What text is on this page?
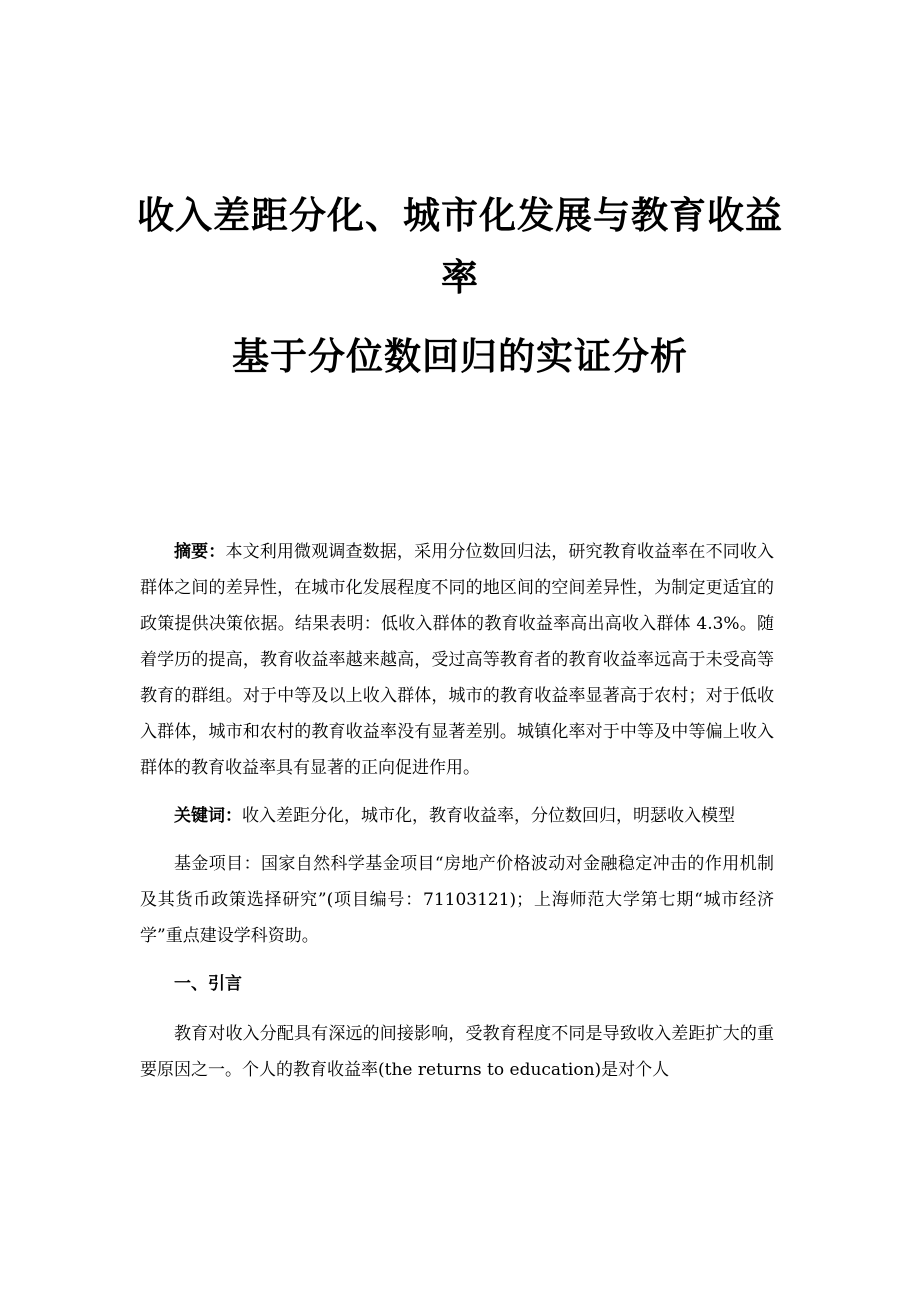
收入差距分化、城市化发展与教育收益

率

基于分位数回归的实证分析

摘要：本文利用微观调查数据，采用分位数回归法，研究教育收益率在不同收入群体之间的差异性，在城市化发展程度不同的地区间的空间差异性，为制定更适宜的政策提供决策依据。结果表明：低收入群体的教育收益率高出高收入群体 4.3%。随着学历的提高，教育收益率越来越高，受过高等教育者的教育收益率远高于未受高等教育的群组。对于中等及以上收入群体，城市的教育收益率显著高于农村；对于低收入群体，城市和农村的教育收益率没有显著差别。城镇化率对于中等及中等偏上收入群体的教育收益率具有显著的正向促进作用。

关键词：收入差距分化，城市化，教育收益率，分位数回归，明瑟收入模型

基金项目：国家自然科学基金项目“房地产价格波动对金融稳定冲击的作用机制及其货币政策选择研究”(项目编号：71103121)；上海师范大学第七期“城市经济学”重点建设学科资助。

一、引言

教育对收入分配具有深远的间接影响，受教育程度不同是导致收入差距扩大的重要原因之一。个人的教育收益率(the returns to education)是对个人
